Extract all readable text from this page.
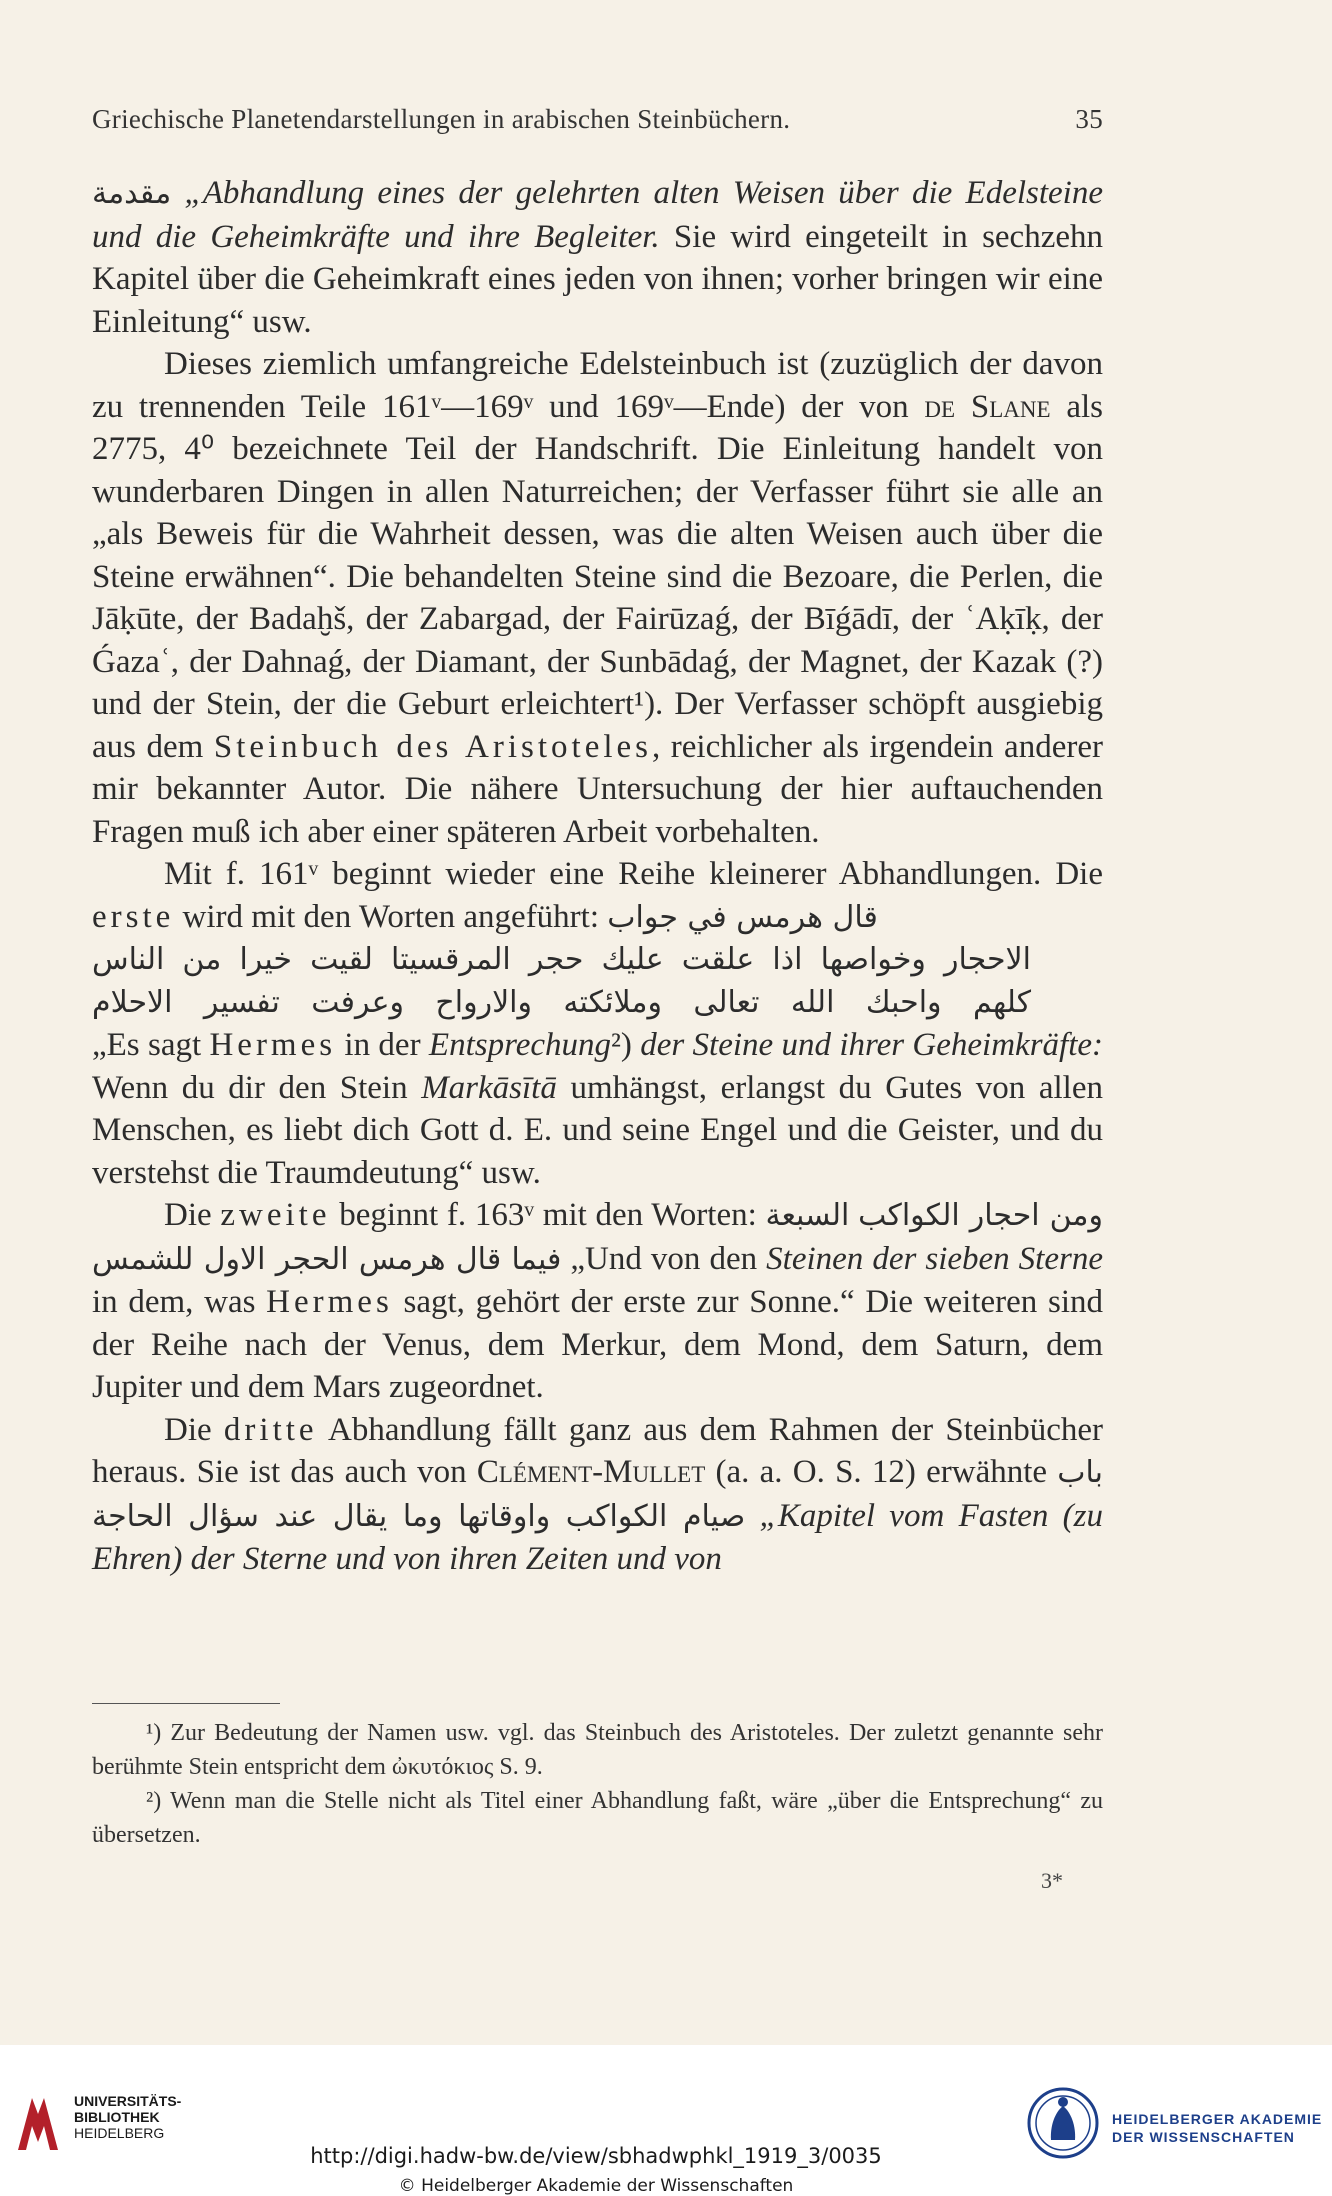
Griechische Planetendarstellungen in arabischen Steinbüchern.	35

مقدمة „Abhandlung eines der gelehrten alten Weisen über die Edelsteine und die Geheimkräfte und ihre Begleiter. Sie wird eingeteilt in sechzehn Kapitel über die Geheimkraft eines jeden von ihnen; vorher bringen wir eine Einleitung“ usw.

Dieses ziemlich umfangreiche Edelsteinbuch ist (zuzüglich der davon zu trennenden Teile 161ᵛ—169ᵛ und 169ᵛ—Ende) der von de Slane als 2775, 4⁰ bezeichnete Teil der Handschrift. Die Einleitung handelt von wunderbaren Dingen in allen Naturreichen; der Verfasser führt sie alle an „als Beweis für die Wahrheit dessen, was die alten Weisen auch über die Steine erwähnen“. Die behandelten Steine sind die Bezoare, die Perlen, die Jāḳūte, der Badaḫš, der Zabargad, der Fairūzaǵ, der Bīǵādī, der ʿAḳīḳ, der Ǵazaʿ, der Dahnaǵ, der Diamant, der Sunbādaǵ, der Magnet, der Kazak (?) und der Stein, der die Geburt erleichtert¹). Der Verfasser schöpft ausgiebig aus dem Steinbuch des Aristoteles, reichlicher als irgendein anderer mir bekannter Autor. Die nähere Untersuchung der hier auftauchenden Fragen muß ich aber einer späteren Arbeit vorbehalten.

Mit f. 161ᵛ beginnt wieder eine Reihe kleinerer Abhandlungen. Die erste wird mit den Worten angeführt: قال هرمس في جواب
الاحجار وخواصها اذا علقت عليك حجر المرقسيتا لقيت خيرا من الناس
كلهم واحبك الله تعالى وملائكته والارواح وعرفت تفسير الاحلام
„Es sagt Hermes in der Entsprechung²) der Steine und ihrer Geheimkräfte: Wenn du dir den Stein Markāsītā umhängst, erlangst du Gutes von allen Menschen, es liebt dich Gott d. E. und seine Engel und die Geister, und du verstehst die Traumdeutung“ usw.

Die zweite beginnt f. 163ᵛ mit den Worten:	ومن احجار الكواكب السبعة فيما قال هرمس الحجر الاول للشمس „Und von den Steinen der sieben Sterne in dem, was Hermes sagt, gehört der erste zur Sonne.“ Die weiteren sind der Reihe nach der Venus, dem Merkur, dem Mond, dem Saturn, dem Jupiter und dem Mars zugeordnet.

Die dritte Abhandlung fällt ganz aus dem Rahmen der Steinbücher heraus. Sie ist das auch von Clément-Mullet (a. a. O. S. 12) erwähnte باب صيام الكواكب واوقاتها وما يقال عند سؤال الحاجة „Kapitel vom Fasten (zu Ehren) der Sterne und von ihren Zeiten und von

¹) Zur Bedeutung der Namen usw. vgl. das Steinbuch des Aristoteles. Der zuletzt genannte sehr berühmte Stein entspricht dem ὠκυτόκιος S. 9.

²) Wenn man die Stelle nicht als Titel einer Abhandlung faßt, wäre „über die Entsprechung“ zu übersetzen.

3*
UNIVERSITÄTS-
BIBLIOTHEK
HEIDELBERG
http://digi.hadw-bw.de/view/sbhadwphkl_1919_3/0035
© Heidelberger Akademie der Wissenschaften
HEIDELBERGER AKADEMIE
DER WISSENSCHAFTEN
